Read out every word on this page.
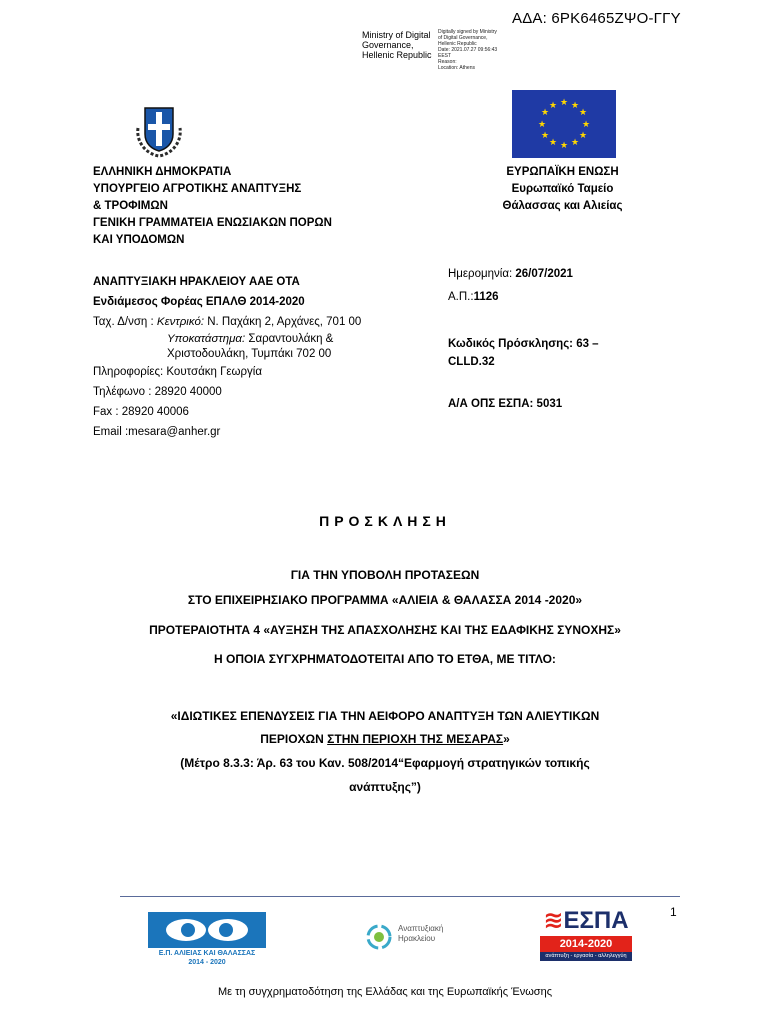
ΑΔΑ: 6ΡΚ6465ΖΨΟ-ΓΓΥ
Ministry of Digital
Governance,
Hellenic Republic
Digitally signed by Ministry
of Digital Governance,
Hellenic Republic
Date: 2021.07.27 09:56:43
EEST
Reason:
Location: Athens
★ ★
★
★
★
★
★
★
★
★
★
★
ΕΛΛΗΝΙΚΗ ΔΗΜΟΚΡΑΤΙΑ
ΥΠΟΥΡΓΕΙΟ ΑΓΡΟΤΙΚΗΣ ΑΝΑΠΤΥΞΗΣ
& ΤΡΟΦΙΜΩΝ
ΓΕΝΙΚΗ ΓΡΑΜΜΑΤΕΙΑ ΕΝΩΣΙΑΚΩΝ ΠΟΡΩΝ
ΚΑΙ ΥΠΟΔΟΜΩΝ
ΕΥΡΩΠΑΪΚΗ ΕΝΩΣΗ
Ευρωπαϊκό Ταμείο
Θάλασσας και Αλιείας
ΑΝΑΠΤΥΞΙΑΚΗ ΗΡΑΚΛΕΙΟΥ ΑΑΕ ΟΤΑ
Ενδιάμεσος Φορέας ΕΠΑΛΘ 2014-2020
Ταχ. Δ/νση : Κεντρικό: Ν. Παχάκη 2, Αρχάνες, 701 00
Υποκατάστημα: Σαραντουλάκη &
Χριστοδουλάκη, Τυμπάκι 702 00
Πληροφορίες: Κουτσάκη Γεωργία
Τηλέφωνο : 28920 40000
Fax : 28920 40006
Email :mesara@anher.gr
Ημερομηνία: 26/07/2021
Α.Π.:1126
Κωδικός Πρόσκλησης: 63 –
CLLD.32
Α/Α ΟΠΣ ΕΣΠΑ: 5031
ΠΡΟΣΚΛΗΣΗ
ΓΙΑ ΤΗΝ ΥΠΟΒΟΛΗ ΠΡΟΤΑΣΕΩΝ
ΣΤΟ ΕΠΙΧΕΙΡΗΣΙΑΚΟ ΠΡΟΓΡΑΜΜΑ «ΑΛΙΕΙΑ & ΘΑΛΑΣΣΑ 2014 -2020»
ΠΡΟΤΕΡΑΙΟΤΗΤΑ 4 «ΑΥΞΗΣΗ ΤΗΣ ΑΠΑΣΧΟΛΗΣΗΣ ΚΑΙ ΤΗΣ ΕΔΑΦΙΚΗΣ ΣΥΝΟΧΗΣ»
Η ΟΠΟΙΑ ΣΥΓΧΡΗΜΑΤΟΔΟΤΕΙΤΑΙ ΑΠΟ ΤΟ ΕΤΘΑ, ΜΕ ΤΙΤΛΟ:
«ΙΔΙΩΤΙΚΕΣ ΕΠΕΝΔΥΣΕΙΣ ΓΙΑ ΤΗΝ ΑΕΙΦΟΡΟ ΑΝΑΠΤΥΞΗ ΤΩΝ ΑΛΙΕΥΤΙΚΩΝ
ΠΕΡΙΟΧΩΝ ΣΤΗΝ ΠΕΡΙΟΧΗ ΤΗΣ ΜΕΣΑΡΑΣ»
(Μέτρο 8.3.3: Άρ. 63 του Καν. 508/2014“Εφαρμογή στρατηγικών τοπικής
ανάπτυξης”)
1
Ε.Π. ΑΛΙΕΙΑΣ ΚΑΙ ΘΑΛΑΣΣΑΣ
2014 - 2020
Αναπτυξιακή
Ηρακλείου
≋ΕΣΠΑ
2014-2020
ανάπτυξη - εργασία - αλληλεγγύη
Με τη συγχρηματοδότηση της Ελλάδας και της Ευρωπαϊκής Ένωσης
